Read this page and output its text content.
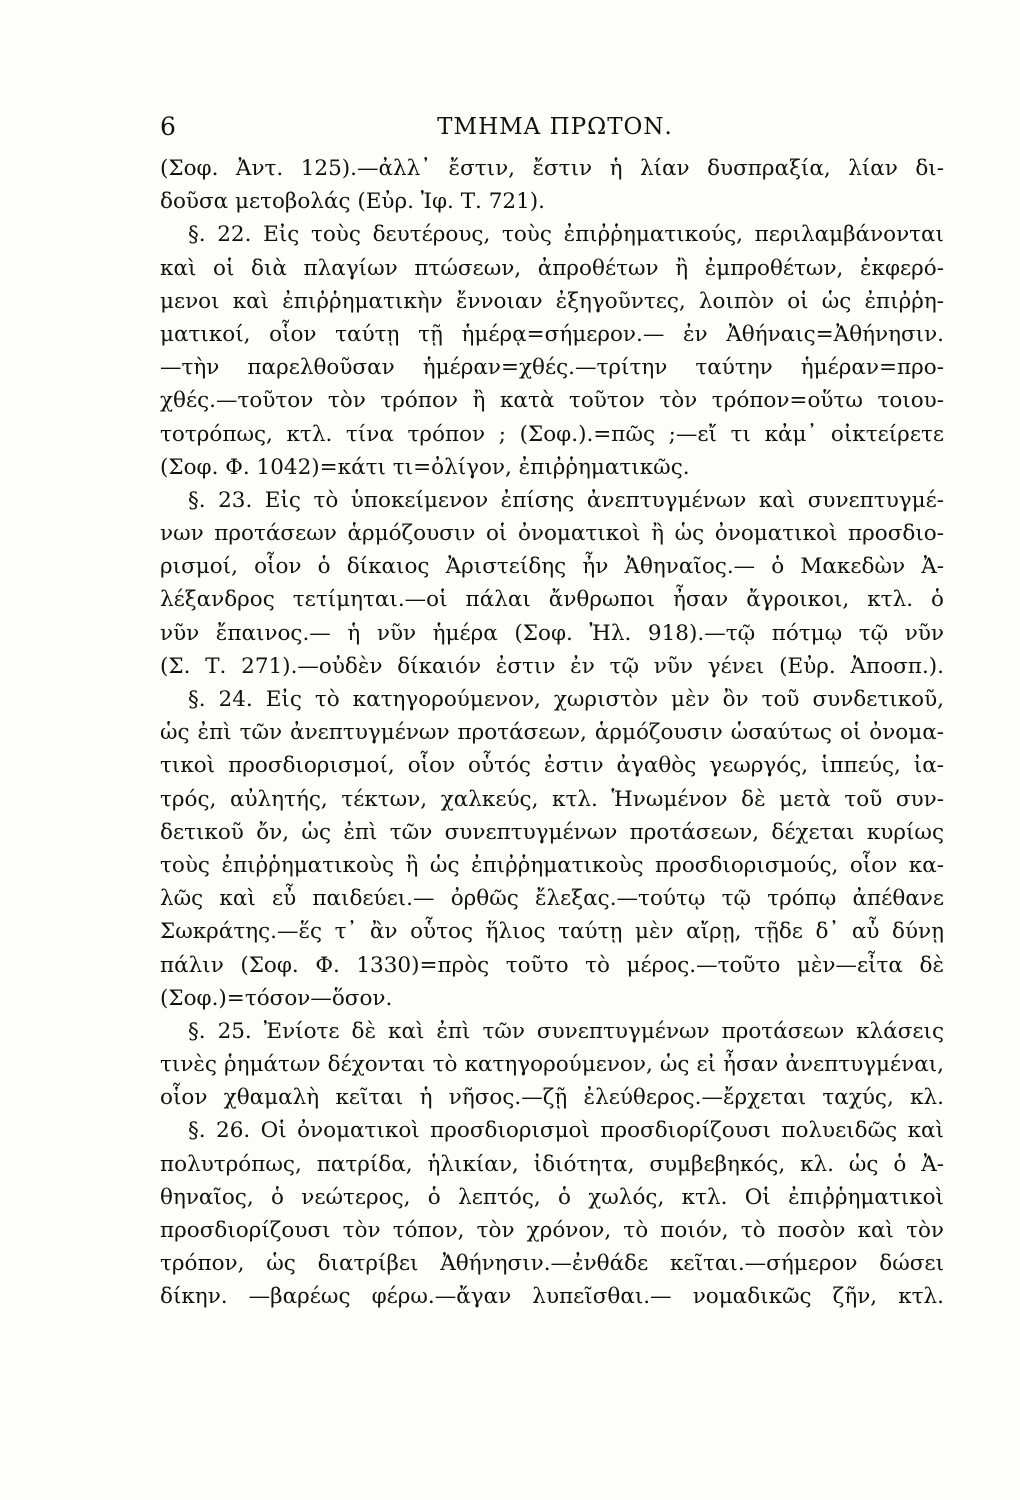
6	ΤΜΗΜΑ ΠΡΩΤΟΝ.
(Σοφ. Ἀντ. 125).—ἀλλ᾽ ἔστιν, ἔστιν ἡ λίαν δυσπραξία, λίαν δι-
δοῦσα μετοβολάς (Εὐρ. Ἰφ. Τ. 721).
§. 22. Εἰς τοὺς δευτέρους, τοὺς ἐπιῤῥηματικούς, περιλαμβάνονται
καὶ οἱ διὰ πλαγίων πτώσεων, ἀπροθέτων ἢ ἐμπροθέτων, ἐκφερό-
μενοι καὶ ἐπιῤῥηματικὴν ἔννοιαν ἐξηγοῦντες, λοιπὸν οἱ ὡς ἐπιῤῥη-
ματικοί, οἷον ταύτῃ τῇ ἡμέρᾳ=σήμερον.— ἐν Ἀθήναις=Ἀθήνησιν.
—τὴν παρελθοῦσαν ἡμέραν=χθές.—τρίτην ταύτην ἡμέραν=προ-
χθές.—τοῦτον τὸν τρόπον ἢ κατὰ τοῦτον τὸν τρόπον=οὕτω τοιου-
τοτρόπως, κτλ. τίνα τρόπον ; (Σοφ.).=πῶς ;—εἴ τι κἀμ᾽ οἰκτείρετε
(Σοφ. Φ. 1042)=κάτι τι=ὀλίγον, ἐπιῤῥηματικῶς.
§. 23. Εἰς τὸ ὑποκείμενον ἐπίσης ἀνεπτυγμένων καὶ συνεπτυγμέ-
νων προτάσεων ἁρμόζουσιν οἱ ὀνοματικοὶ ἢ ὡς ὀνοματικοὶ προσδιο-
ρισμοί, οἷον ὁ δίκαιος Ἀριστείδης ἦν Ἀθηναῖος.— ὁ Μακεδὼν Ἀ-
λέξανδρος τετίμηται.—οἱ πάλαι ἄνθρωποι ἦσαν ἄγροικοι, κτλ. ὁ
νῦν ἔπαινος.— ἡ νῦν ἡμέρα (Σοφ. Ἠλ. 918).—τῷ πότμῳ τῷ νῦν
(Σ. Τ. 271).—οὐδὲν δίκαιόν ἐστιν ἐν τῷ νῦν γένει (Εὐρ. Ἀποσπ.).
§. 24. Εἰς τὸ κατηγορούμενον, χωριστὸν μὲν ὂν τοῦ συνδετικοῦ,
ὡς ἐπὶ τῶν ἀνεπτυγμένων προτάσεων, ἁρμόζουσιν ὡσαύτως οἱ ὀνομα-
τικοὶ προσδιορισμοί, οἷον οὗτός ἐστιν ἀγαθὸς γεωργός, ἱππεύς, ἰα-
τρός, αὐλητής, τέκτων, χαλκεύς, κτλ. Ἡνωμένον δὲ μετὰ τοῦ συν-
δετικοῦ ὄν, ὡς ἐπὶ τῶν συνεπτυγμένων προτάσεων, δέχεται κυρίως
τοὺς ἐπιῤῥηματικοὺς ἢ ὡς ἐπιῤῥηματικοὺς προσδιορισμούς, οἷον κα-
λῶς καὶ εὖ παιδεύει.— ὀρθῶς ἔλεξας.—τούτῳ τῷ τρόπῳ ἀπέθανε
Σωκράτης.—ἕς τ᾽ ἂν οὗτος ἥλιος ταύτῃ μὲν αἴρῃ, τῇδε δ᾽ αὖ δύνῃ
πάλιν (Σοφ. Φ. 1330)=πρὸς τοῦτο τὸ μέρος.—τοῦτο μὲν—εἶτα δὲ
(Σοφ.)=τόσον—ὅσον.
§. 25. Ἐνίοτε δὲ καὶ ἐπὶ τῶν συνεπτυγμένων προτάσεων κλάσεις
τινὲς ῥημάτων δέχονται τὸ κατηγορούμενον, ὡς εἰ ἦσαν ἀνεπτυγμέναι,
οἷον χθαμαλὴ κεῖται ἡ νῆσος.—ζῇ ἐλεύθερος.—ἔρχεται ταχύς, κλ.
§. 26. Οἱ ὀνοματικοὶ προσδιορισμοὶ προσδιορίζουσι πολυειδῶς καὶ
πολυτρόπως, πατρίδα, ἡλικίαν, ἰδιότητα, συμβεβηκός, κλ. ὡς ὁ Ἀ-
θηναῖος, ὁ νεώτερος, ὁ λεπτός, ὁ χωλός, κτλ. Οἱ ἐπιῤῥηματικοὶ
προσδιορίζουσι τὸν τόπον, τὸν χρόνον, τὸ ποιόν, τὸ ποσὸν καὶ τὸν
τρόπον, ὡς διατρίβει Ἀθήνησιν.—ἐνθάδε κεῖται.—σήμερον δώσει
δίκην. —βαρέως φέρω.—ἄγαν λυπεῖσθαι.— νομαδικῶς ζῆν, κτλ.
